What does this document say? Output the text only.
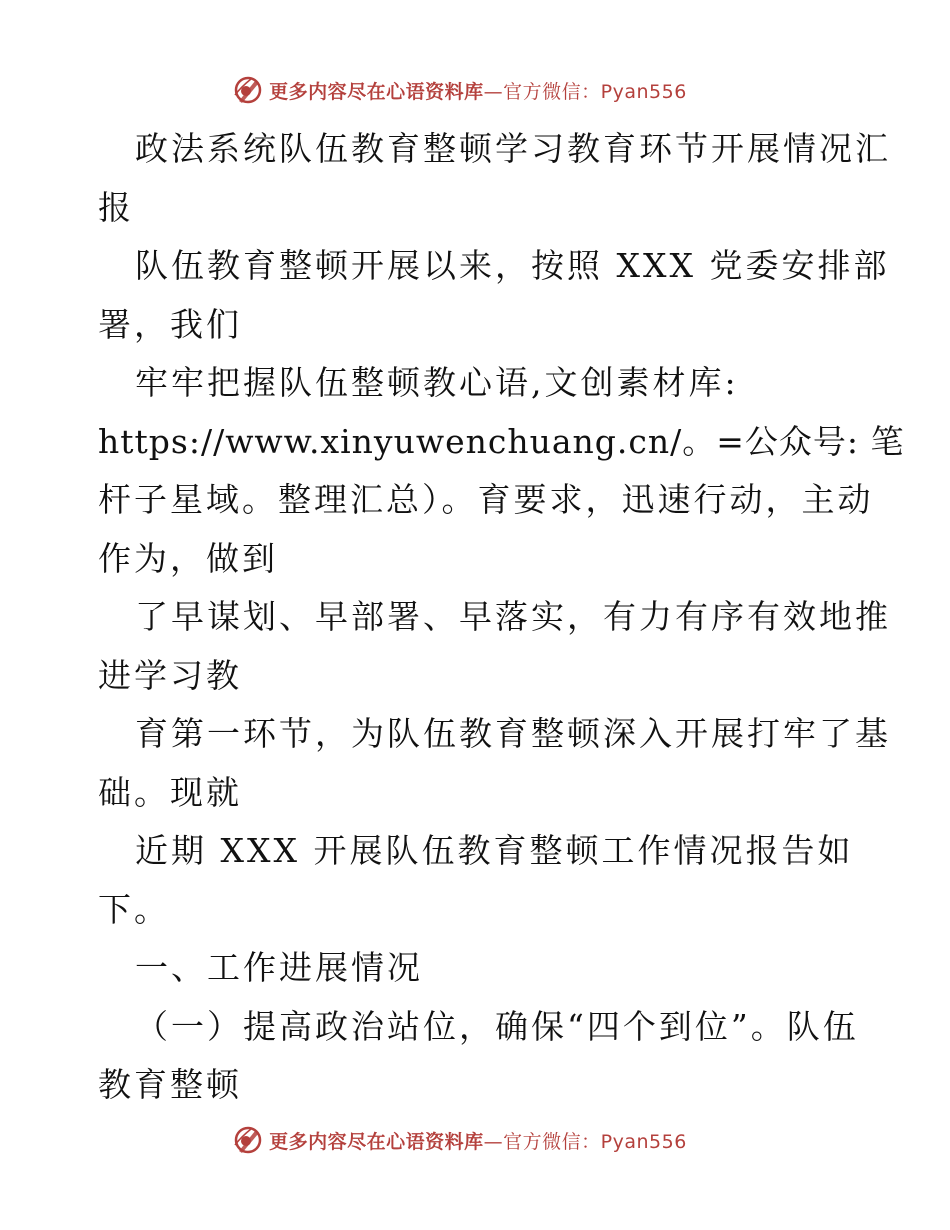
更多内容尽在心语资料库—官方微信：Pyan556
政法系统队伍教育整顿学习教育环节开展情况汇
报
队伍教育整顿开展以来，按照 XXX 党委安排部
署，我们
牢牢把握队伍整顿教心语,文创素材库:
https://www.xinyuwenchuang.cn/。=公众号: 笔
杆子星域。整理汇总）。育要求，迅速行动，主动
作为，做到
了早谋划、早部署、早落实，有力有序有效地推
进学习教
育第一环节，为队伍教育整顿深入开展打牢了基
础。现就
近期 XXX 开展队伍教育整顿工作情况报告如
下。
一、工作进展情况
（一）提高政治站位，确保“四个到位”。队伍
教育整顿
更多内容尽在心语资料库—官方微信：Pyan556
